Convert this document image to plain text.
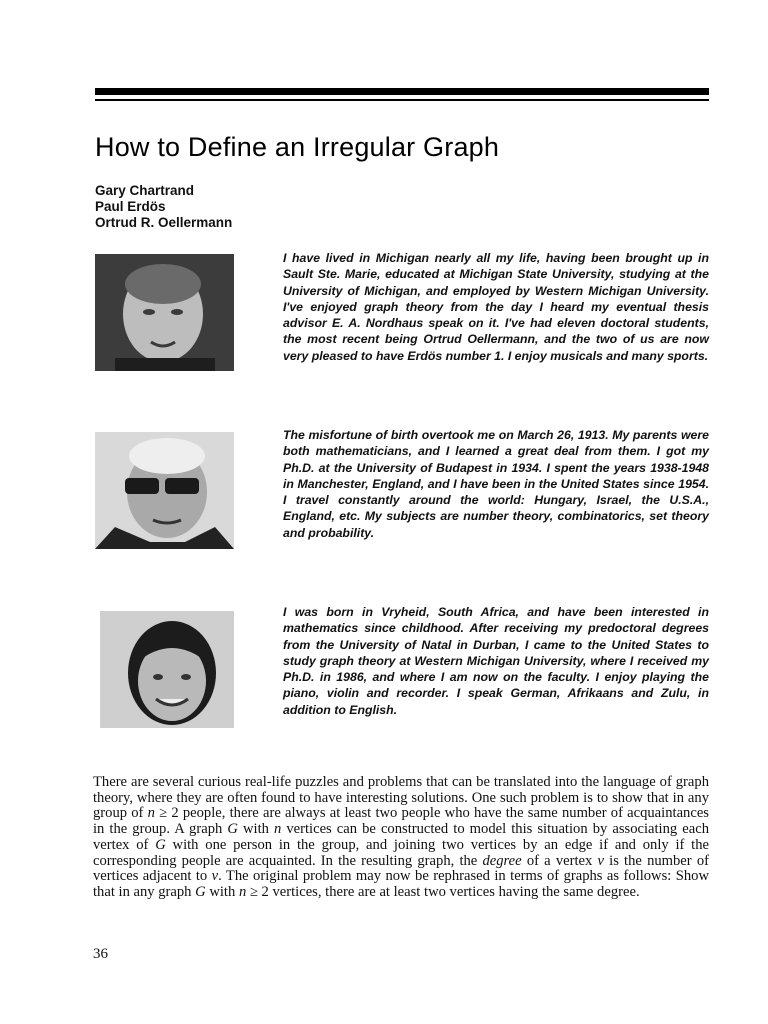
How to Define an Irregular Graph
Gary Chartrand
Paul Erdös
Ortrud R. Oellermann

I have lived in Michigan nearly all my life, having been brought up in Sault Ste. Marie, educated at Michigan State University, studying at the University of Michigan, and employed by Western Michigan University. I've enjoyed graph theory from the day I heard my eventual thesis advisor E. A. Nordhaus speak on it. I've had eleven doctoral students, the most recent being Ortrud Oellermann, and the two of us are now very pleased to have Erdös number 1. I enjoy musicals and many sports.

The misfortune of birth overtook me on March 26, 1913. My parents were both mathematicians, and I learned a great deal from them. I got my Ph.D. at the University of Budapest in 1934. I spent the years 1938-1948 in Manchester, England, and I have been in the United States since 1954. I travel constantly around the world: Hungary, Israel, the U.S.A., England, etc. My subjects are number theory, combinatorics, set theory and probability.

I was born in Vryheid, South Africa, and have been interested in mathematics since childhood. After receiving my predoctoral degrees from the University of Natal in Durban, I came to the United States to study graph theory at Western Michigan University, where I received my Ph.D. in 1986, and where I am now on the faculty. I enjoy playing the piano, violin and recorder. I speak German, Afrikaans and Zulu, in addition to English.

There are several curious real-life puzzles and problems that can be translated into the language of graph theory, where they are often found to have interesting solutions. One such problem is to show that in any group of n ≥ 2 people, there are always at least two people who have the same number of acquaintances in the group. A graph G with n vertices can be constructed to model this situation by associating each vertex of G with one person in the group, and joining two vertices by an edge if and only if the corresponding people are acquainted. In the resulting graph, the degree of a vertex v is the number of vertices adjacent to v. The original problem may now be rephrased in terms of graphs as follows: Show that in any graph G with n ≥ 2 vertices, there are at least two vertices having the same degree.

36
